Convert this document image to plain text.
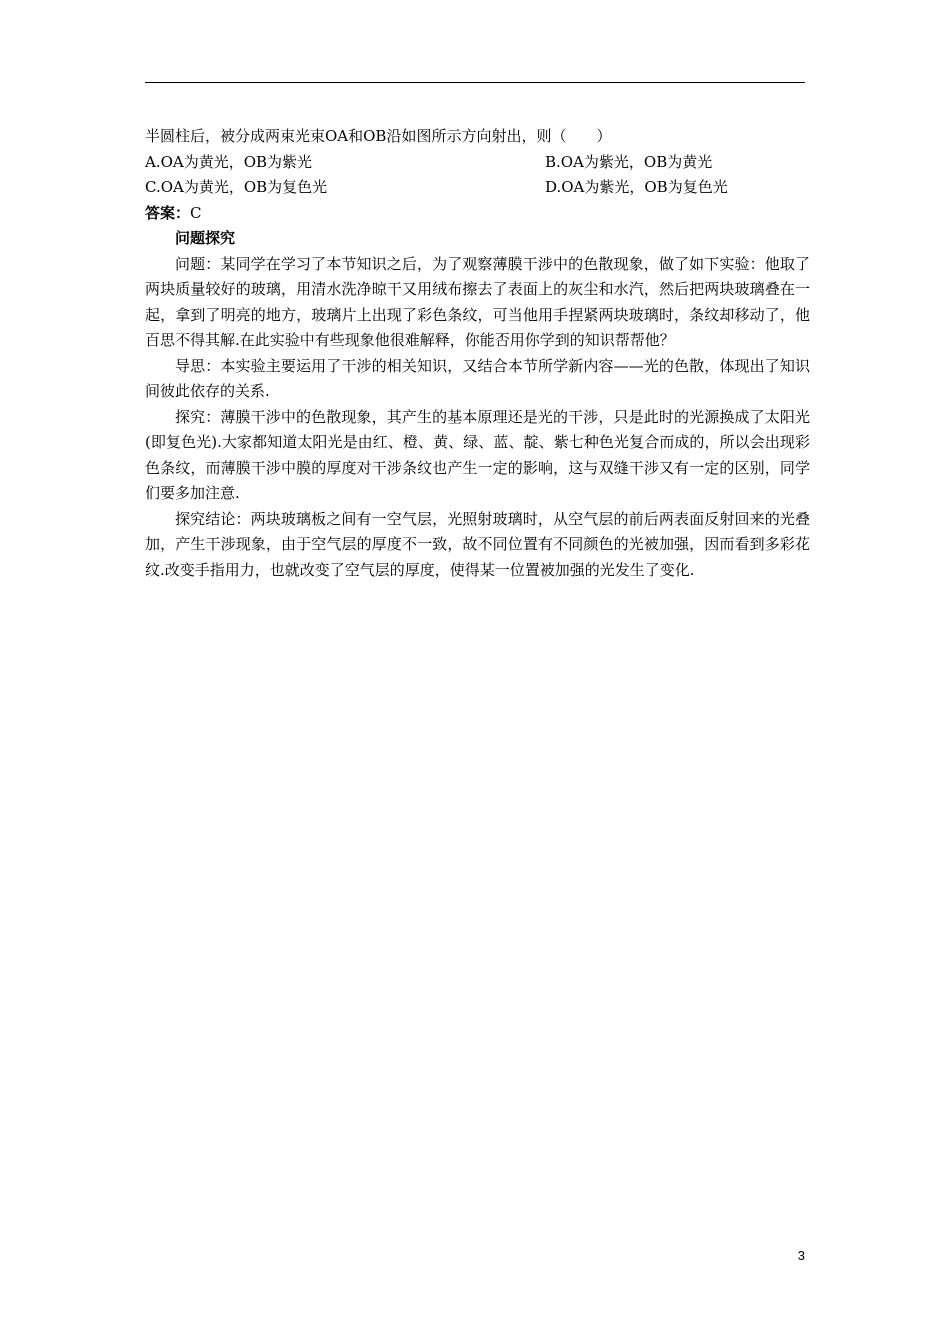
半圆柱后，被分成两束光束OA和OB沿如图所示方向射出，则（　　）
A.OA为黄光，OB为紫光	B.OA为紫光，OB为黄光
C.OA为黄光，OB为复色光	D.OA为紫光，OB为复色光
答案：C
问题探究
问题：某同学在学习了本节知识之后，为了观察薄膜干涉中的色散现象，做了如下实验：他取了两块质量较好的玻璃，用清水洗净晾干又用绒布擦去了表面上的灰尘和水汽，然后把两块玻璃叠在一起，拿到了明亮的地方，玻璃片上出现了彩色条纹，可当他用手捏紧两块玻璃时，条纹却移动了，他百思不得其解.在此实验中有些现象他很难解释，你能否用你学到的知识帮帮他？
导思：本实验主要运用了干涉的相关知识，又结合本节所学新内容——光的色散，体现出了知识间彼此依存的关系.
探究：薄膜干涉中的色散现象，其产生的基本原理还是光的干涉，只是此时的光源换成了太阳光(即复色光).大家都知道太阳光是由红、橙、黄、绿、蓝、靛、紫七种色光复合而成的，所以会出现彩色条纹，而薄膜干涉中膜的厚度对干涉条纹也产生一定的影响，这与双缝干涉又有一定的区别，同学们要多加注意.
探究结论：两块玻璃板之间有一空气层，光照射玻璃时，从空气层的前后两表面反射回来的光叠加，产生干涉现象，由于空气层的厚度不一致，故不同位置有不同颜色的光被加强，因而看到多彩花纹.改变手指用力，也就改变了空气层的厚度，使得某一位置被加强的光发生了变化.
3
